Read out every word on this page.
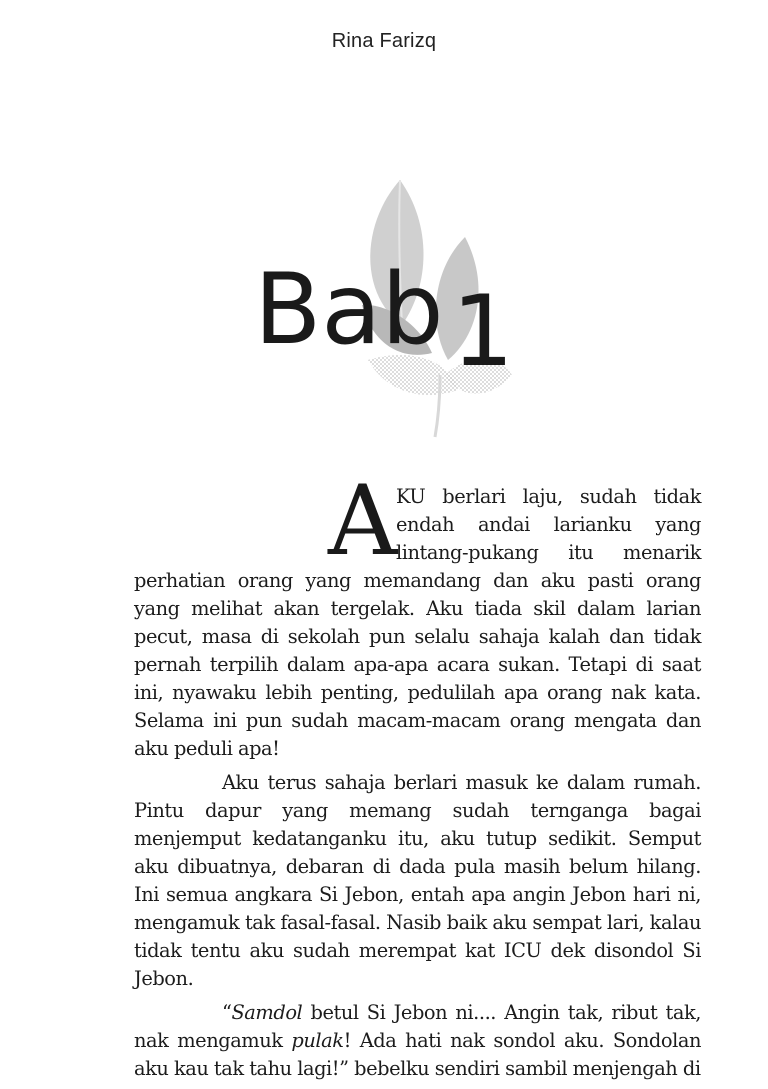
Rina Farizq
Bab1
A KU berlari laju, sudah tidak
endah andai larianku yang
lintang-pukang itu menarik

perhatian orang yang memandang dan aku pasti orang yang melihat akan tergelak. Aku tiada skil dalam larian pecut, masa di sekolah pun selalu sahaja kalah dan tidak pernah terpilih dalam apa-apa acara sukan. Tetapi di saat ini, nyawaku lebih penting, pedulilah apa orang nak kata. Selama ini pun sudah macam-macam orang mengata dan aku peduli apa!

Aku terus sahaja berlari masuk ke dalam rumah. Pintu dapur yang memang sudah ternganga bagai menjemput kedatanganku itu, aku tutup sedikit. Semput aku dibuatnya, debaran di dada pula masih belum hilang. Ini semua angkara Si Jebon, entah apa angin Jebon hari ni, mengamuk tak fasal-fasal. Nasib baik aku sempat lari, kalau tidak tentu aku sudah merempat kat ICU dek disondol Si Jebon.

“Samdol betul Si Jebon ni.... Angin tak, ribut tak, nak mengamuk pulak! Ada hati nak sondol aku. Sondolan aku kau tak tahu lagi!” bebelku sendiri sambil menjengah di
